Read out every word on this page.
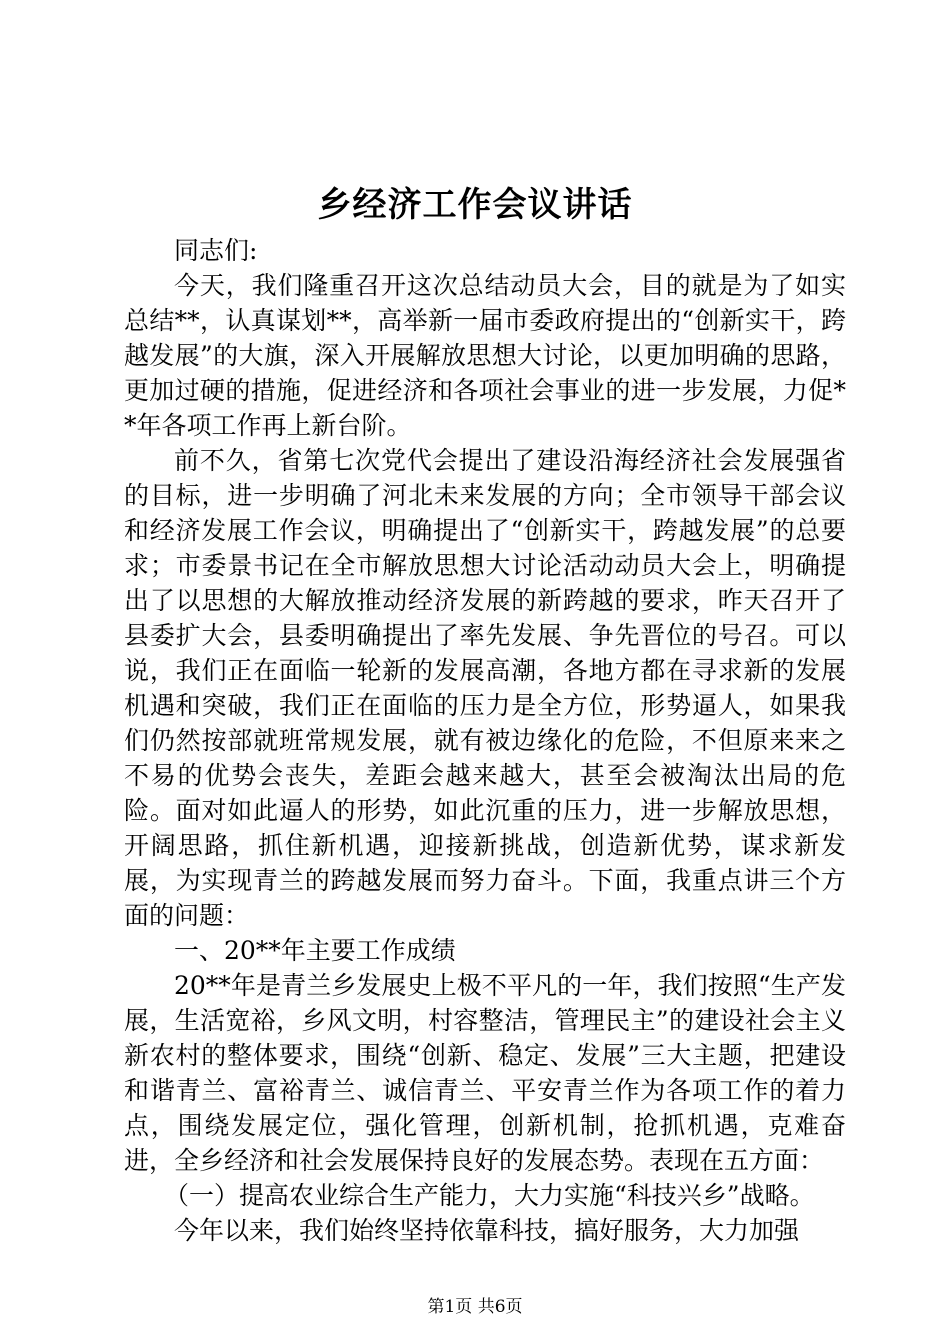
乡经济工作会议讲话

同志们:

今天，我们隆重召开这次总结动员大会，目的就是为了如实总结**，认真谋划**，高举新一届市委政府提出的“创新实干，跨越发展”的大旗，深入开展解放思想大讨论，以更加明确的思路，更加过硬的措施，促进经济和各项社会事业的进一步发展，力促**年各项工作再上新台阶。

前不久，省第七次党代会提出了建设沿海经济社会发展强省的目标，进一步明确了河北未来发展的方向；全市领导干部会议和经济发展工作会议，明确提出了“创新实干，跨越发展”的总要求；市委景书记在全市解放思想大讨论活动动员大会上，明确提出了以思想的大解放推动经济发展的新跨越的要求，昨天召开了县委扩大会，县委明确提出了率先发展、争先晋位的号召。可以说，我们正在面临一轮新的发展高潮，各地方都在寻求新的发展机遇和突破，我们正在面临的压力是全方位，形势逼人，如果我们仍然按部就班常规发展，就有被边缘化的危险，不但原来来之不易的优势会丧失，差距会越来越大，甚至会被淘汰出局的危险。面对如此逼人的形势，如此沉重的压力，进一步解放思想，开阔思路，抓住新机遇，迎接新挑战，创造新优势，谋求新发展，为实现青兰的跨越发展而努力奋斗。下面，我重点讲三个方面的问题：

一、20**年主要工作成绩

20**年是青兰乡发展史上极不平凡的一年，我们按照“生产发展，生活宽裕，乡风文明，村容整洁，管理民主”的建设社会主义新农村的整体要求，围绕“创新、稳定、发展”三大主题，把建设和谐青兰、富裕青兰、诚信青兰、平安青兰作为各项工作的着力点，围绕发展定位，强化管理，创新机制，抢抓机遇，克难奋进，全乡经济和社会发展保持良好的发展态势。表现在五方面：

（一）提高农业综合生产能力，大力实施“科技兴乡”战略。

今年以来，我们始终坚持依靠科技，搞好服务，大力加强

第1页 共6页
